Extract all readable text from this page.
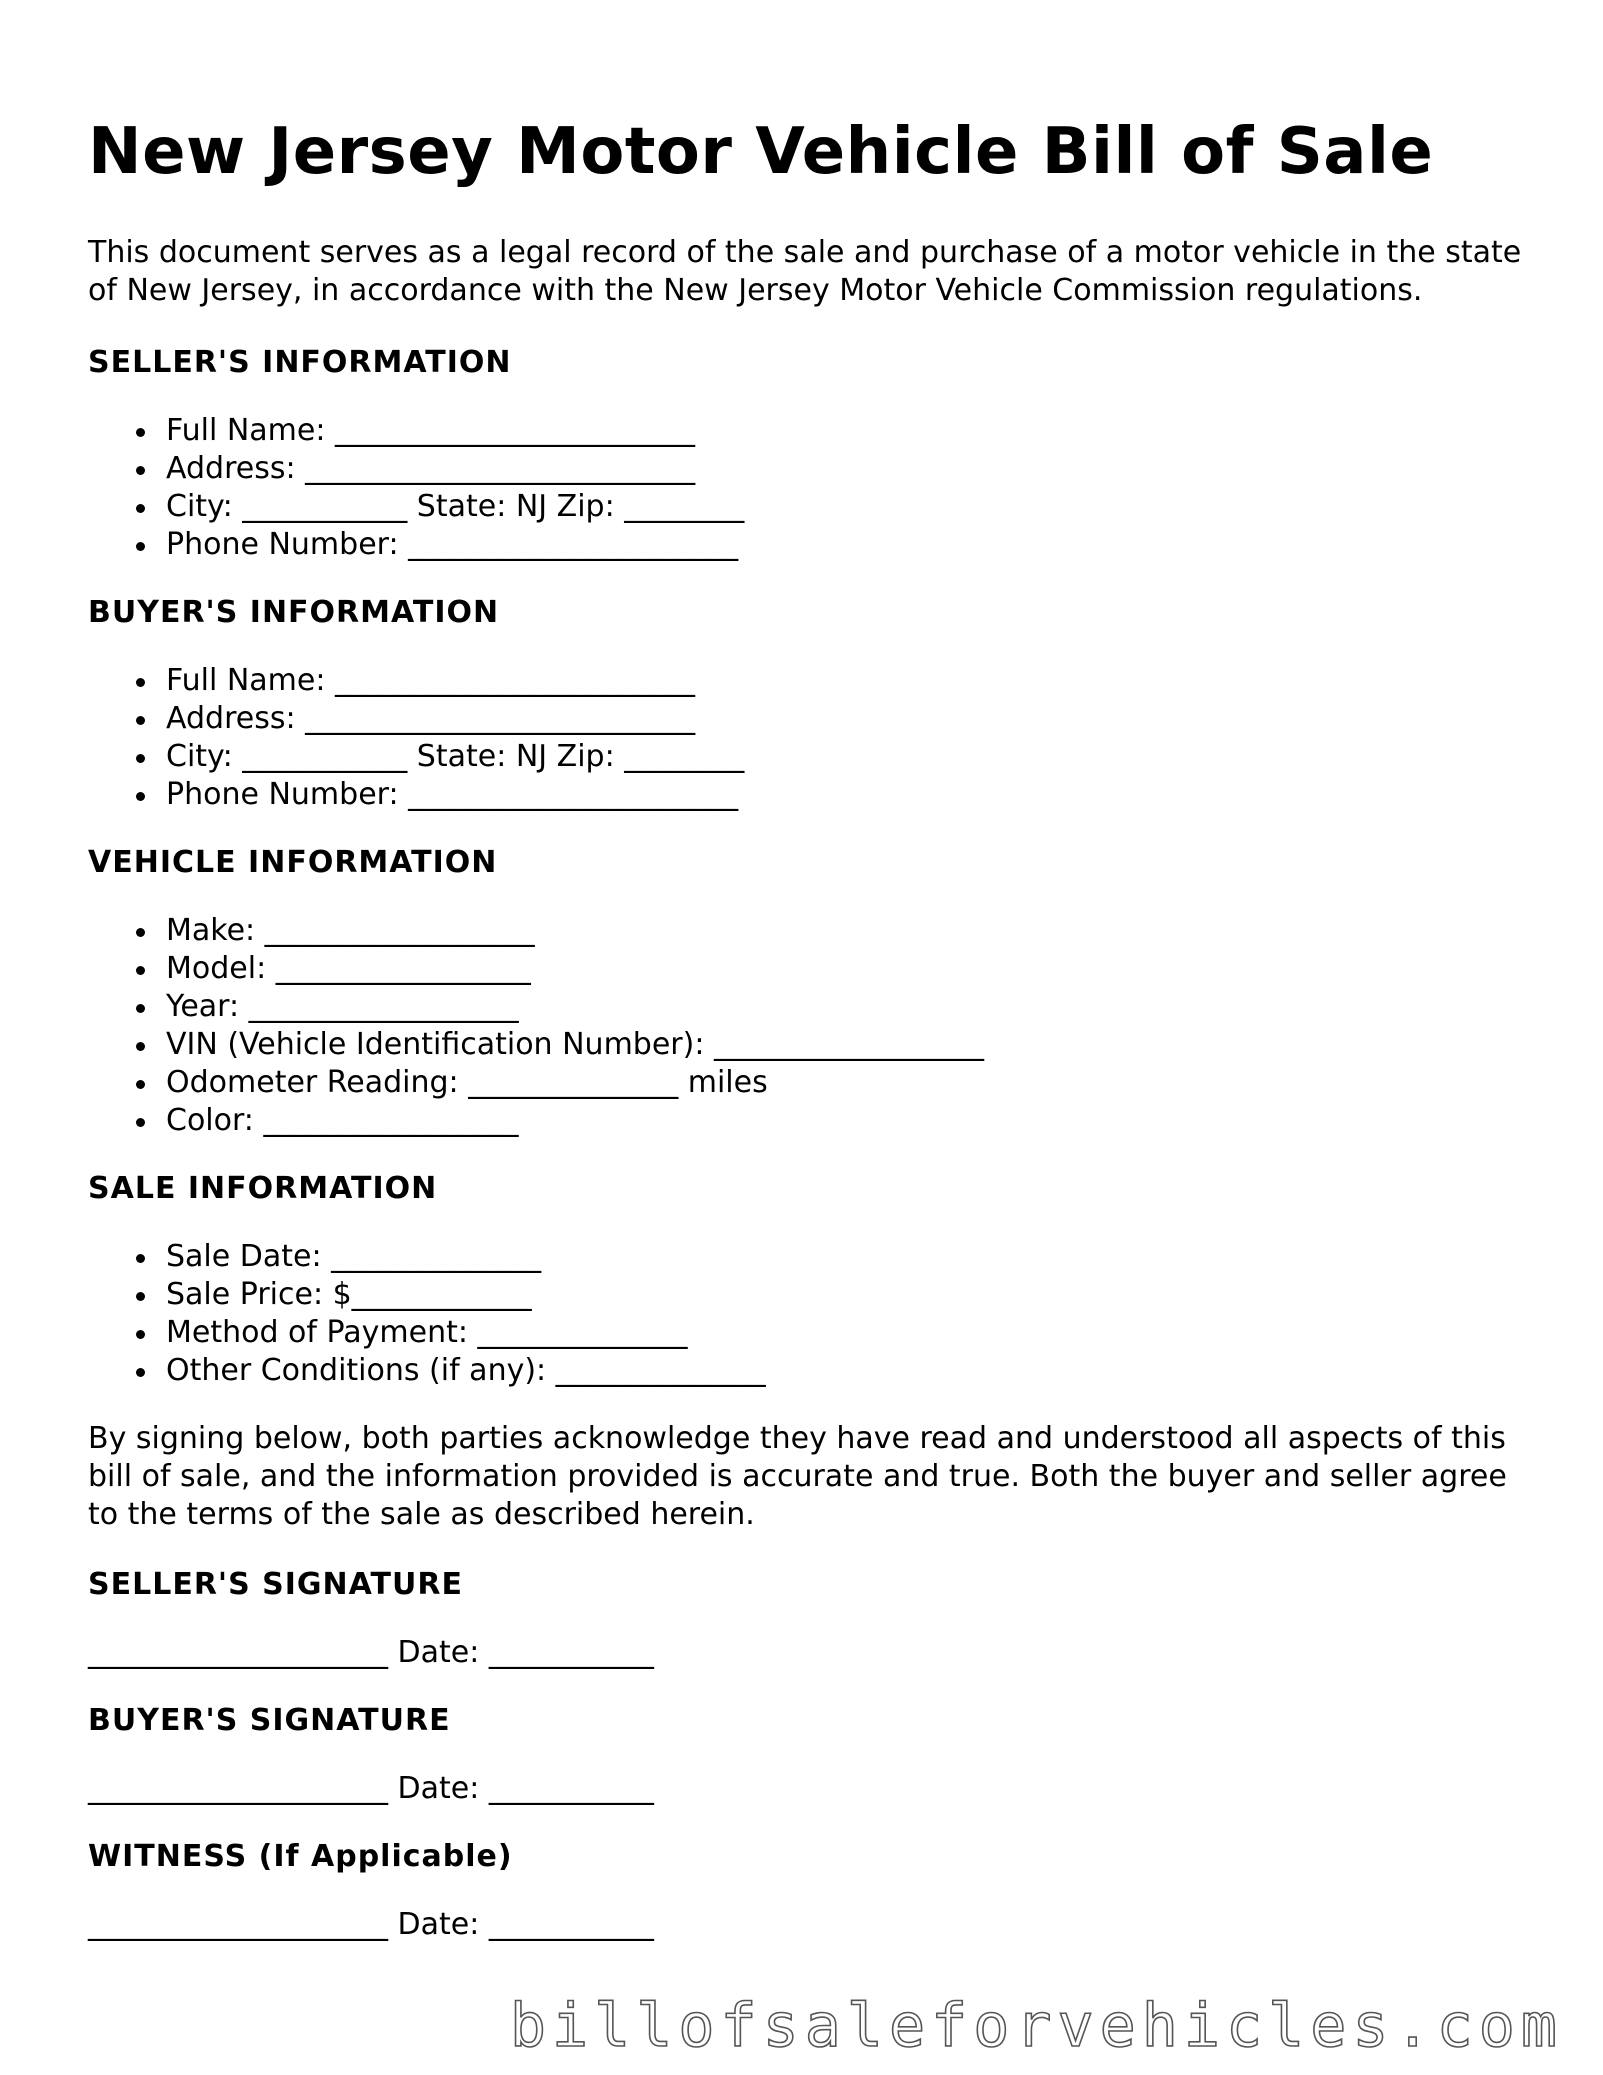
New Jersey Motor Vehicle Bill of Sale

This document serves as a legal record of the sale and purchase of a motor vehicle in the state of New Jersey, in accordance with the New Jersey Motor Vehicle Commission regulations.

SELLER'S INFORMATION
Full Name: ________________________
Address: __________________________
City: ___________ State: NJ Zip: ________
Phone Number: ______________________
BUYER'S INFORMATION
Full Name: ________________________
Address: __________________________
City: ___________ State: NJ Zip: ________
Phone Number: ______________________
VEHICLE INFORMATION
Make: __________________
Model: _________________
Year: __________________
VIN (Vehicle Identification Number): __________________
Odometer Reading: ______________ miles
Color: _________________
SALE INFORMATION
Sale Date: ______________
Sale Price: $____________
Method of Payment: ______________
Other Conditions (if any): ______________

By signing below, both parties acknowledge they have read and understood all aspects of this bill of sale, and the information provided is accurate and true. Both the buyer and seller agree to the terms of the sale as described herein.

SELLER'S SIGNATURE
____________________ Date: ___________
BUYER'S SIGNATURE
____________________ Date: ___________
WITNESS (If Applicable)
____________________ Date: ___________
billofsaleforvehicles.com
